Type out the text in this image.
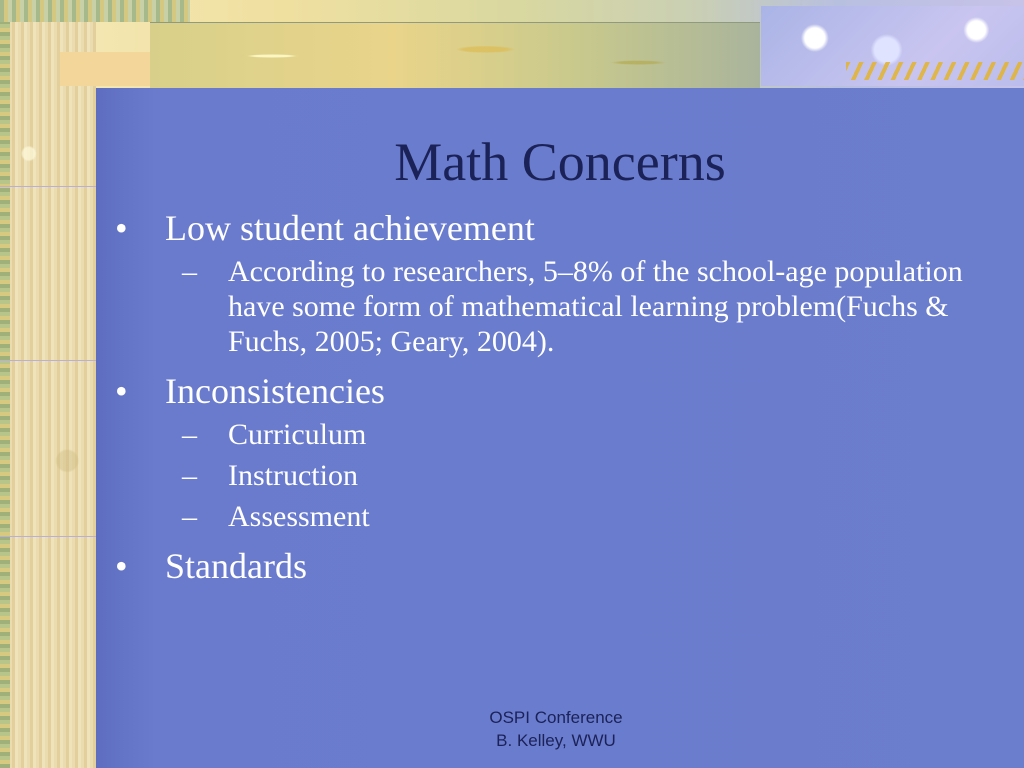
Math Concerns

• Low student achievement

– According to researchers, 5–8% of the school-age population have some form of mathematical learning problem(Fuchs & Fuchs, 2005; Geary, 2004).

• Inconsistencies

– Curriculum

– Instruction

– Assessment

• Standards

OSPI Conference
B. Kelley, WWU
